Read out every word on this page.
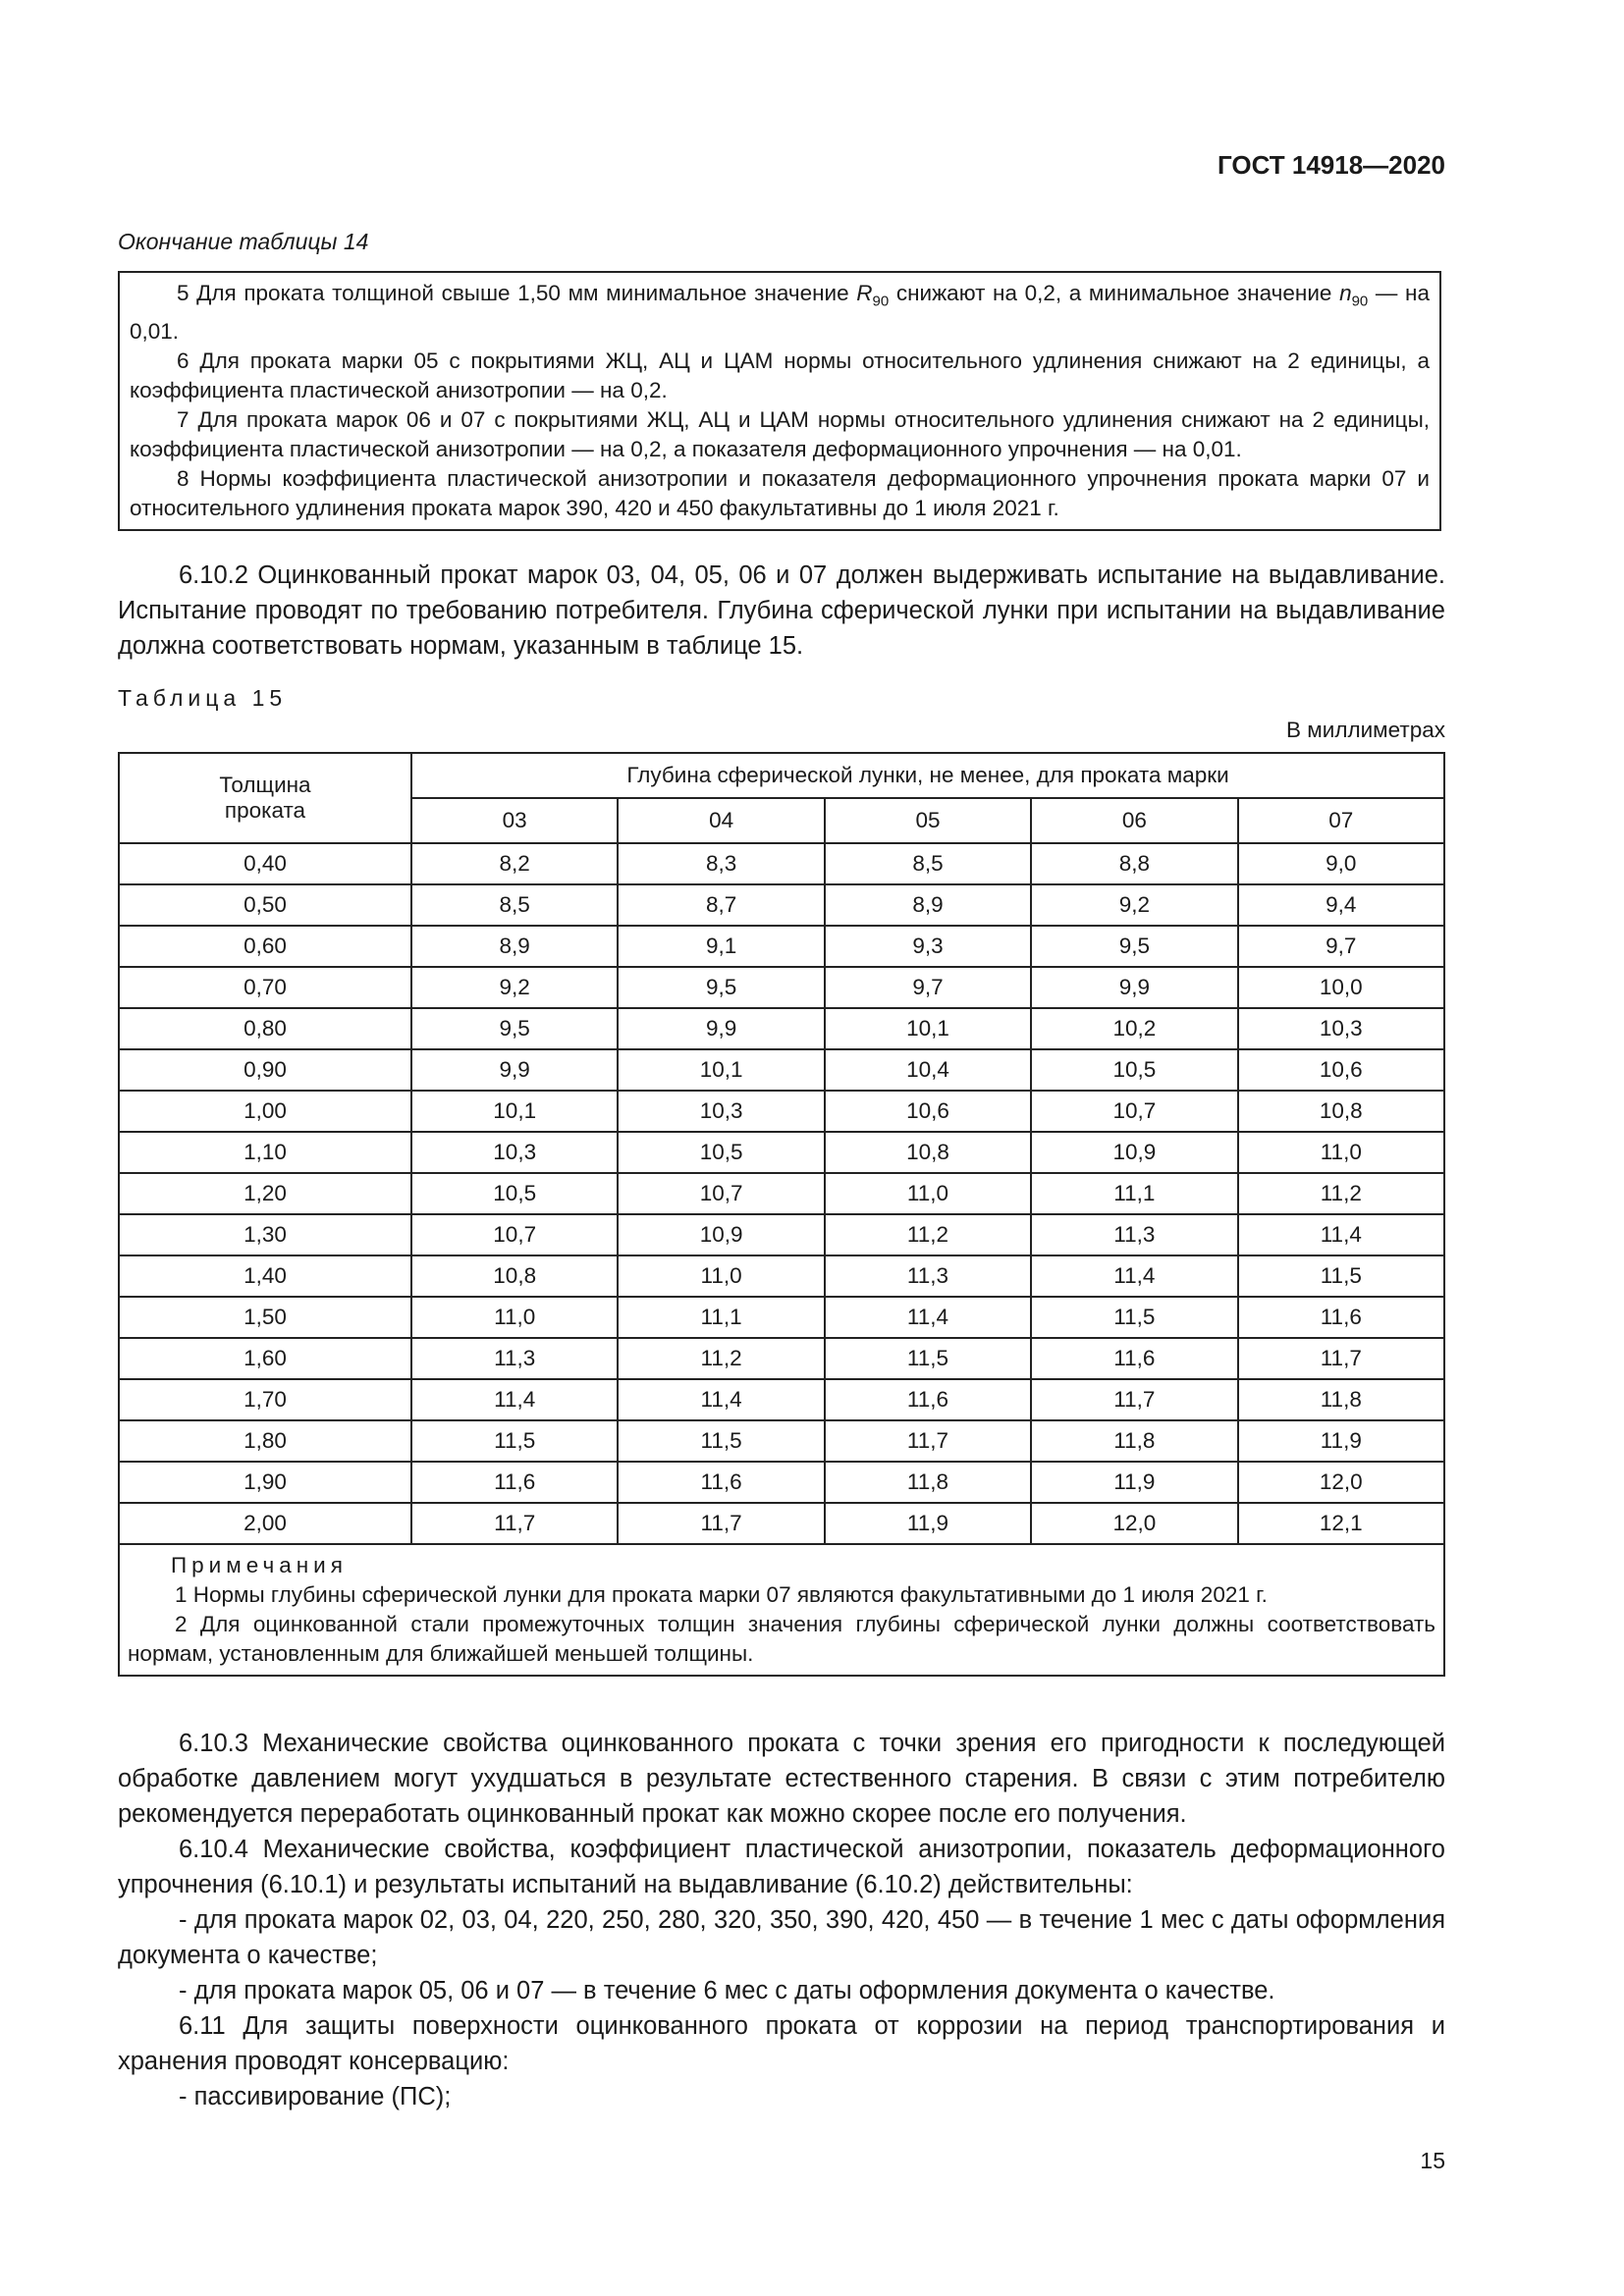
ГОСТ 14918—2020
Окончание таблицы 14

5 Для проката толщиной свыше 1,50 мм минимальное значение $R_{90}$ снижают на 0,2, а минимальное значение $n_{90}$ — на 0,01.

6 Для проката марки 05 с покрытиями ЖЦ, АЦ и ЦАМ нормы относительного удлинения снижают на 2 единицы, а коэффициента пластической анизотропии — на 0,2.

7 Для проката марок 06 и 07 с покрытиями ЖЦ, АЦ и ЦАМ нормы относительного удлинения снижают на 2 единицы, коэффициента пластической анизотропии — на 0,2, а показателя деформационного упрочнения — на 0,01.

8 Нормы коэффициента пластической анизотропии и показателя деформационного упрочнения проката марки 07 и относительного удлинения проката марок 390, 420 и 450 факультативны до 1 июля 2021 г.

6.10.2 Оцинкованный прокат марок 03, 04, 05, 06 и 07 должен выдерживать испытание на выдавливание. Испытание проводят по требованию потребителя. Глубина сферической лунки при испытании на выдавливание должна соответствовать нормам, указанным в таблице 15.

Таблица 15
В миллиметрах
Толщина проката	Глубина сферической лунки, не менее, для проката марки				
	03	04	05	06	07
0,40	8,2	8,3	8,5	8,8	9,0
0,50	8,5	8,7	8,9	9,2	9,4
0,60	8,9	9,1	9,3	9,5	9,7
0,70	9,2	9,5	9,7	9,9	10,0
0,80	9,5	9,9	10,1	10,2	10,3
0,90	9,9	10,1	10,4	10,5	10,6
1,00	10,1	10,3	10,6	10,7	10,8
1,10	10,3	10,5	10,8	10,9	11,0
1,20	10,5	10,7	11,0	11,1	11,2
1,30	10,7	10,9	11,2	11,3	11,4
1,40	10,8	11,0	11,3	11,4	11,5
1,50	11,0	11,1	11,4	11,5	11,6
1,60	11,3	11,2	11,5	11,6	11,7
1,70	11,4	11,4	11,6	11,7	11,8
1,80	11,5	11,5	11,7	11,8	11,9
1,90	11,6	11,6	11,8	11,9	12,0
2,00	11,7	11,7	11,9	12,0	12,1

Примечания
1 Нормы глубины сферической лунки для проката марки 07 являются факультативными до 1 июля 2021 г.
2 Для оцинкованной стали промежуточных толщин значения глубины сферической лунки должны соответствовать нормам, установленным для ближайшей меньшей толщины.					

6.10.3 Механические свойства оцинкованного проката с точки зрения его пригодности к последующей обработке давлением могут ухудшаться в результате естественного старения. В связи с этим потребителю рекомендуется переработать оцинкованный прокат как можно скорее после его получения.

6.10.4 Механические свойства, коэффициент пластической анизотропии, показатель деформационного упрочнения (6.10.1) и результаты испытаний на выдавливание (6.10.2) действительны:

- для проката марок 02, 03, 04, 220, 250, 280, 320, 350, 390, 420, 450 — в течение 1 мес с даты оформления документа о качестве;

- для проката марок 05, 06 и 07 — в течение 6 мес с даты оформления документа о качестве.

6.11 Для защиты поверхности оцинкованного проката от коррозии на период транспортирования и хранения проводят консервацию:

- пассивирование (ПС);

15
